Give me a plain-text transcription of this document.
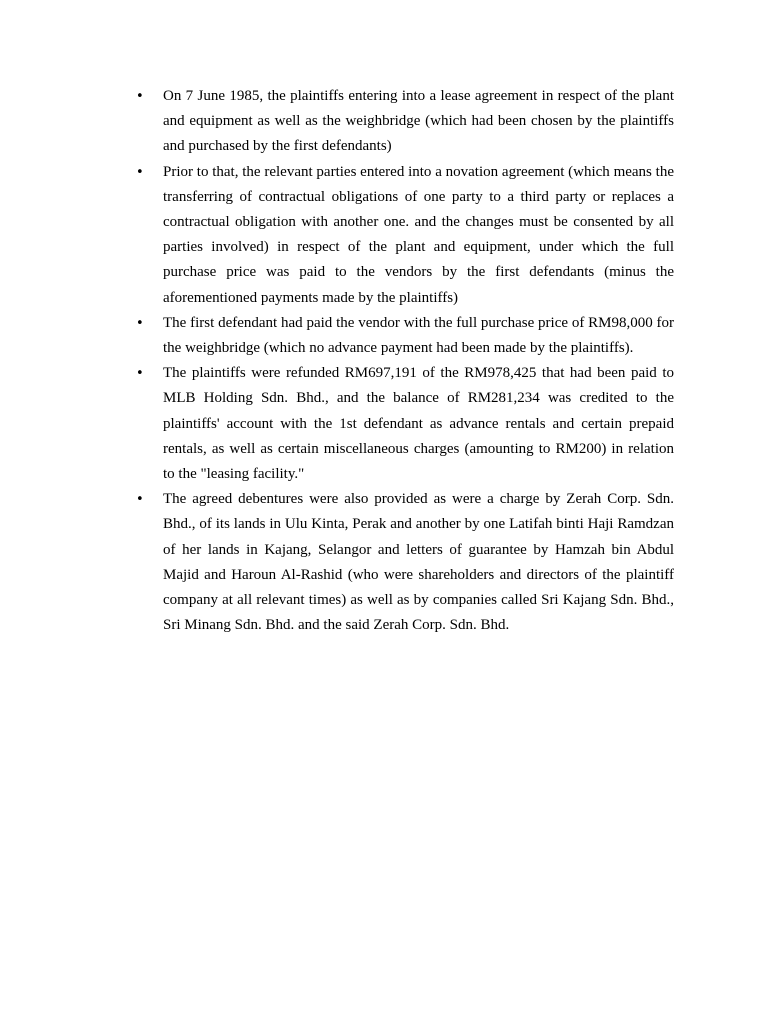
• On 7 June 1985, the plaintiffs entering into a lease agreement in respect of the plant and equipment as well as the weighbridge (which had been chosen by the plaintiffs and purchased by the first defendants)
• Prior to that, the relevant parties entered into a novation agreement (which means the transferring of contractual obligations of one party to a third party or replaces a contractual obligation with another one. and the changes must be consented by all parties involved) in respect of the plant and equipment, under which the full purchase price was paid to the vendors by the first defendants (minus the aforementioned payments made by the plaintiffs)
• The first defendant had paid the vendor with the full purchase price of RM98,000 for the weighbridge (which no advance payment had been made by the plaintiffs).
• The plaintiffs were refunded RM697,191 of the RM978,425 that had been paid to MLB Holding Sdn. Bhd., and the balance of RM281,234 was credited to the plaintiffs' account with the 1st defendant as advance rentals and certain prepaid rentals, as well as certain miscellaneous charges (amounting to RM200) in relation to the "leasing facility."
• The agreed debentures were also provided as were a charge by Zerah Corp. Sdn. Bhd., of its lands in Ulu Kinta, Perak and another by one Latifah binti Haji Ramdzan of her lands in Kajang, Selangor and letters of guarantee by Hamzah bin Abdul Majid and Haroun Al-Rashid (who were shareholders and directors of the plaintiff company at all relevant times) as well as by companies called Sri Kajang Sdn. Bhd., Sri Minang Sdn. Bhd. and the said Zerah Corp. Sdn. Bhd.
